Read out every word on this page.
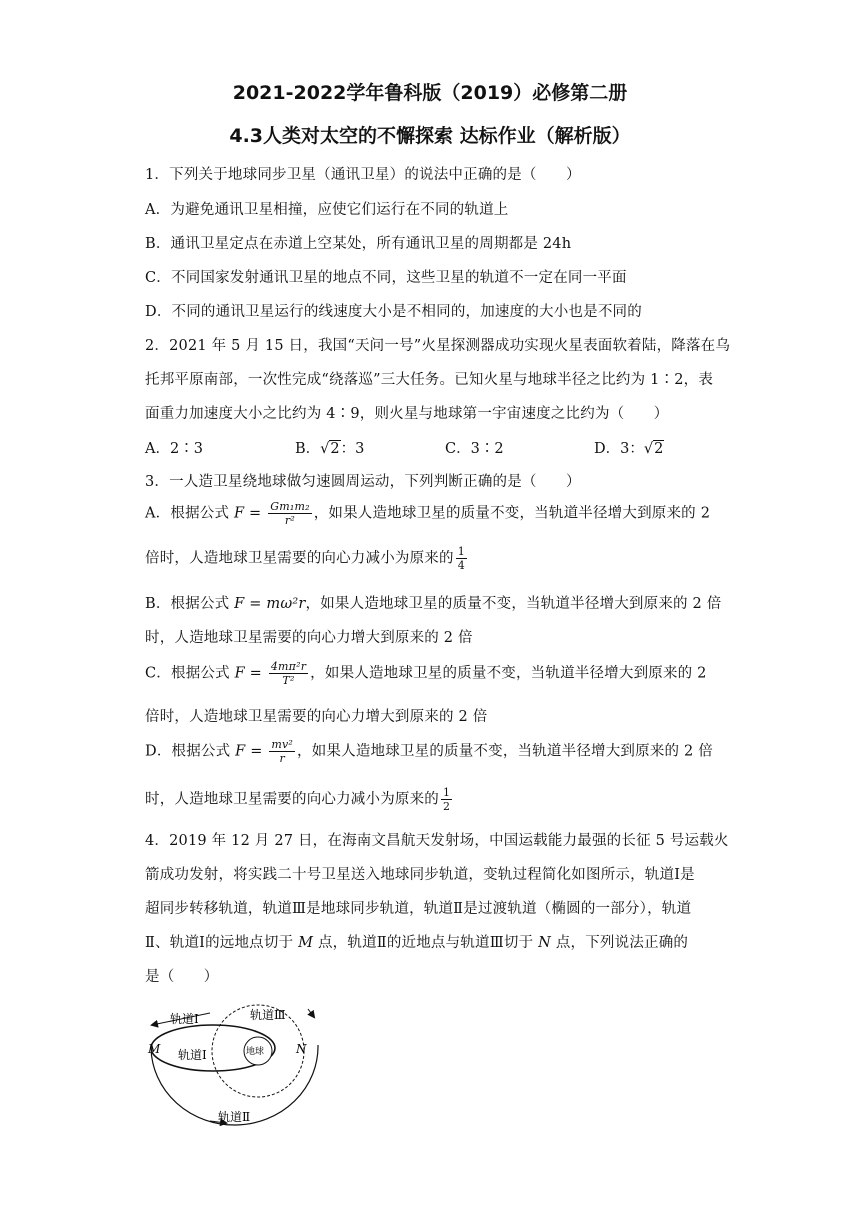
2021-2022学年鲁科版（2019）必修第二册
4.3人类对太空的不懈探索 达标作业（解析版）
1．下列关于地球同步卫星（通讯卫星）的说法中正确的是（　　）
A．为避免通讯卫星相撞，应使它们运行在不同的轨道上
B．通讯卫星定点在赤道上空某处，所有通讯卫星的周期都是 24h
C．不同国家发射通讯卫星的地点不同，这些卫星的轨道不一定在同一平面
D．不同的通讯卫星运行的线速度大小是不相同的，加速度的大小也是不同的
2．2021 年 5 月 15 日，我国“天问一号”火星探测器成功实现火星表面软着陆，降落在乌
托邦平原南部，一次性完成“绕落巡”三大任务。已知火星与地球半径之比约为 1∶2，表
面重力加速度大小之比约为 4∶9，则火星与地球第一宇宙速度之比约为（　　）
A．2∶3	B．√2：3	C．3∶2	D．3：√2
3．一人造卫星绕地球做匀速圆周运动，下列判断正确的是（　　）
A．根据公式 $F = \frac{\text{Gm₁m₂}}{\text{r²}}$ ，如果人造地球卫星的质量不变，当轨道半径增大到原来的 2
倍时，人造地球卫星需要的向心力减小为原来的 $\frac{1}{4}$
B．根据公式 F = mω²r，如果人造地球卫星的质量不变，当轨道半径增大到原来的 2 倍
时，人造地球卫星需要的向心力增大到原来的 2 倍
C．根据公式 $F = \frac{\text{4mπ²r}}{\text{T²}}$ ，如果人造地球卫星的质量不变，当轨道半径增大到原来的 2
倍时，人造地球卫星需要的向心力增大到原来的 2 倍
D．根据公式 $F = \frac{\text{mv²}}{r}$ ，如果人造地球卫星的质量不变，当轨道半径增大到原来的 2 倍
时，人造地球卫星需要的向心力减小为原来的 $\frac{1}{2}$
4．2019 年 12 月 27 日，在海南文昌航天发射场，中国运载能力最强的长征 5 号运载火
箭成功发射，将实践二十号卫星送入地球同步轨道，变轨过程简化如图所示，轨道Ⅰ是
超同步转移轨道，轨道Ⅲ是地球同步轨道，轨道Ⅱ是过渡轨道（椭圆的一部分），轨道
Ⅱ、轨道Ⅰ的远地点切于 M 点，轨道Ⅱ的近地点与轨道Ⅲ切于 N 点，下列说法正确的
是（　　）
轨道Ⅰ	轨道Ⅲ
轨道Ⅰ	地球
M	N
轨道Ⅱ
